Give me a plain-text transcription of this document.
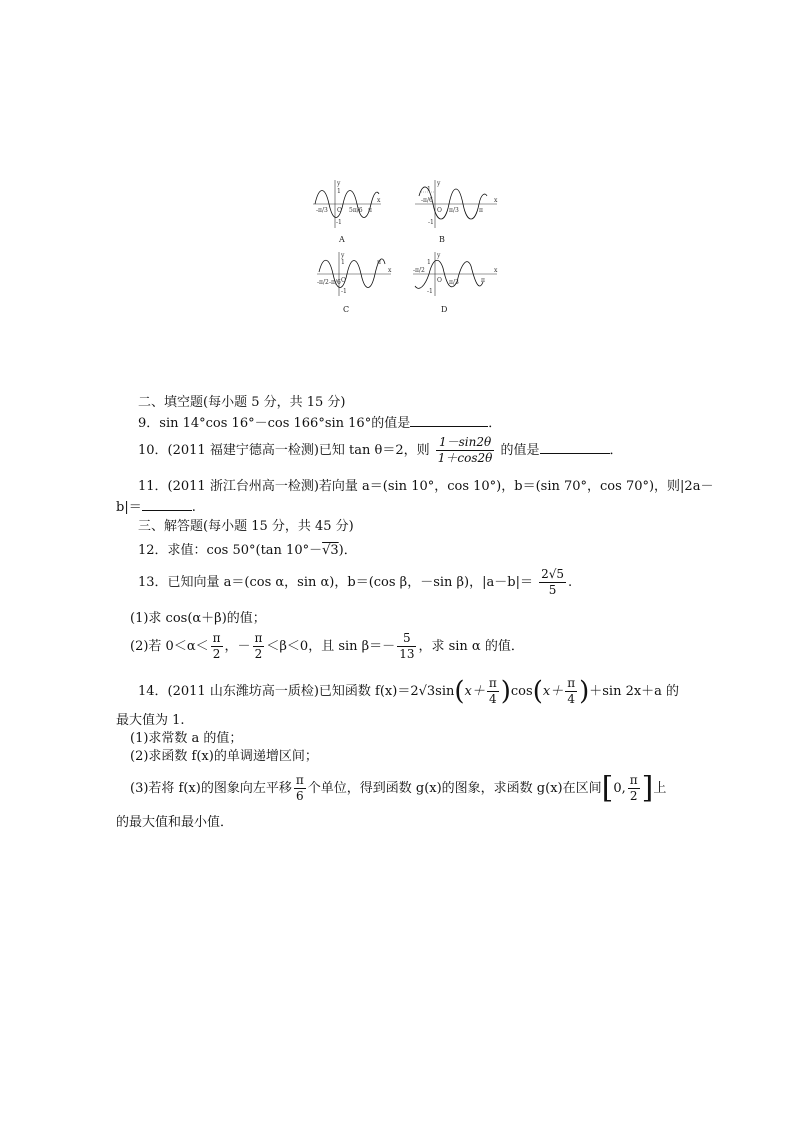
-π/3 O 5π/6 π
x
y
1
-1
A
-π/6
O π/3	π
x
y
1
-1
B
-π/2 -π/6 O
π
x
y
1
-1
C
-π/2
O π/3	π
x
y
1
-1
D
二、填空题(每小题 5 分，共 15 分)
9．sin 14°cos 16°－cos 166°sin 16°的值是	．
10．(2011 福建宁德高一检测)已知 tan θ＝2，则 $\frac{1-\sin 2\theta}{1+\cos 2\theta}$ 的值是	．
11．(2011 浙江台州高一检测)若向量 a＝(sin 10°，cos 10°)，b＝(sin 70°，cos 70°)，则|2a－
b|＝	.
三、解答题(每小题 15 分，共 45 分)
12．求值：cos 50°(tan 10°－√3)．
13．已知向量 a＝(cos α，sin α)，b＝(cos β，－sin β)，$|a-b|= \frac{2√5}{5}$ .
(1)求 cos(α＋β)的值；
(2)若 $0<\alpha< \frac{\pi}{2}$ ，－ $\frac{\pi}{2} <\beta<0$，且 $\sin \beta=- \frac{5}{13}$ ，求 sin α 的值．
14．(2011 山东潍坊高一质检)已知函数 $f(x)=2√3\sin(x+ \frac{\pi}{4} )\cos(x+ \frac{\pi}{4} )+\sin$ 2x＋a 的
最大值为 1.
(1)求常数 a 的值；
(2)求函数 f(x)的单调递增区间；
(3)若将 f(x)的图象向左平移 $\frac{\pi}{6}$ 个单位，得到函数 g(x)的图象，求函数 g(x)在区间[0, $\frac{\pi}{2}$ ]上
的最大值和最小值．
